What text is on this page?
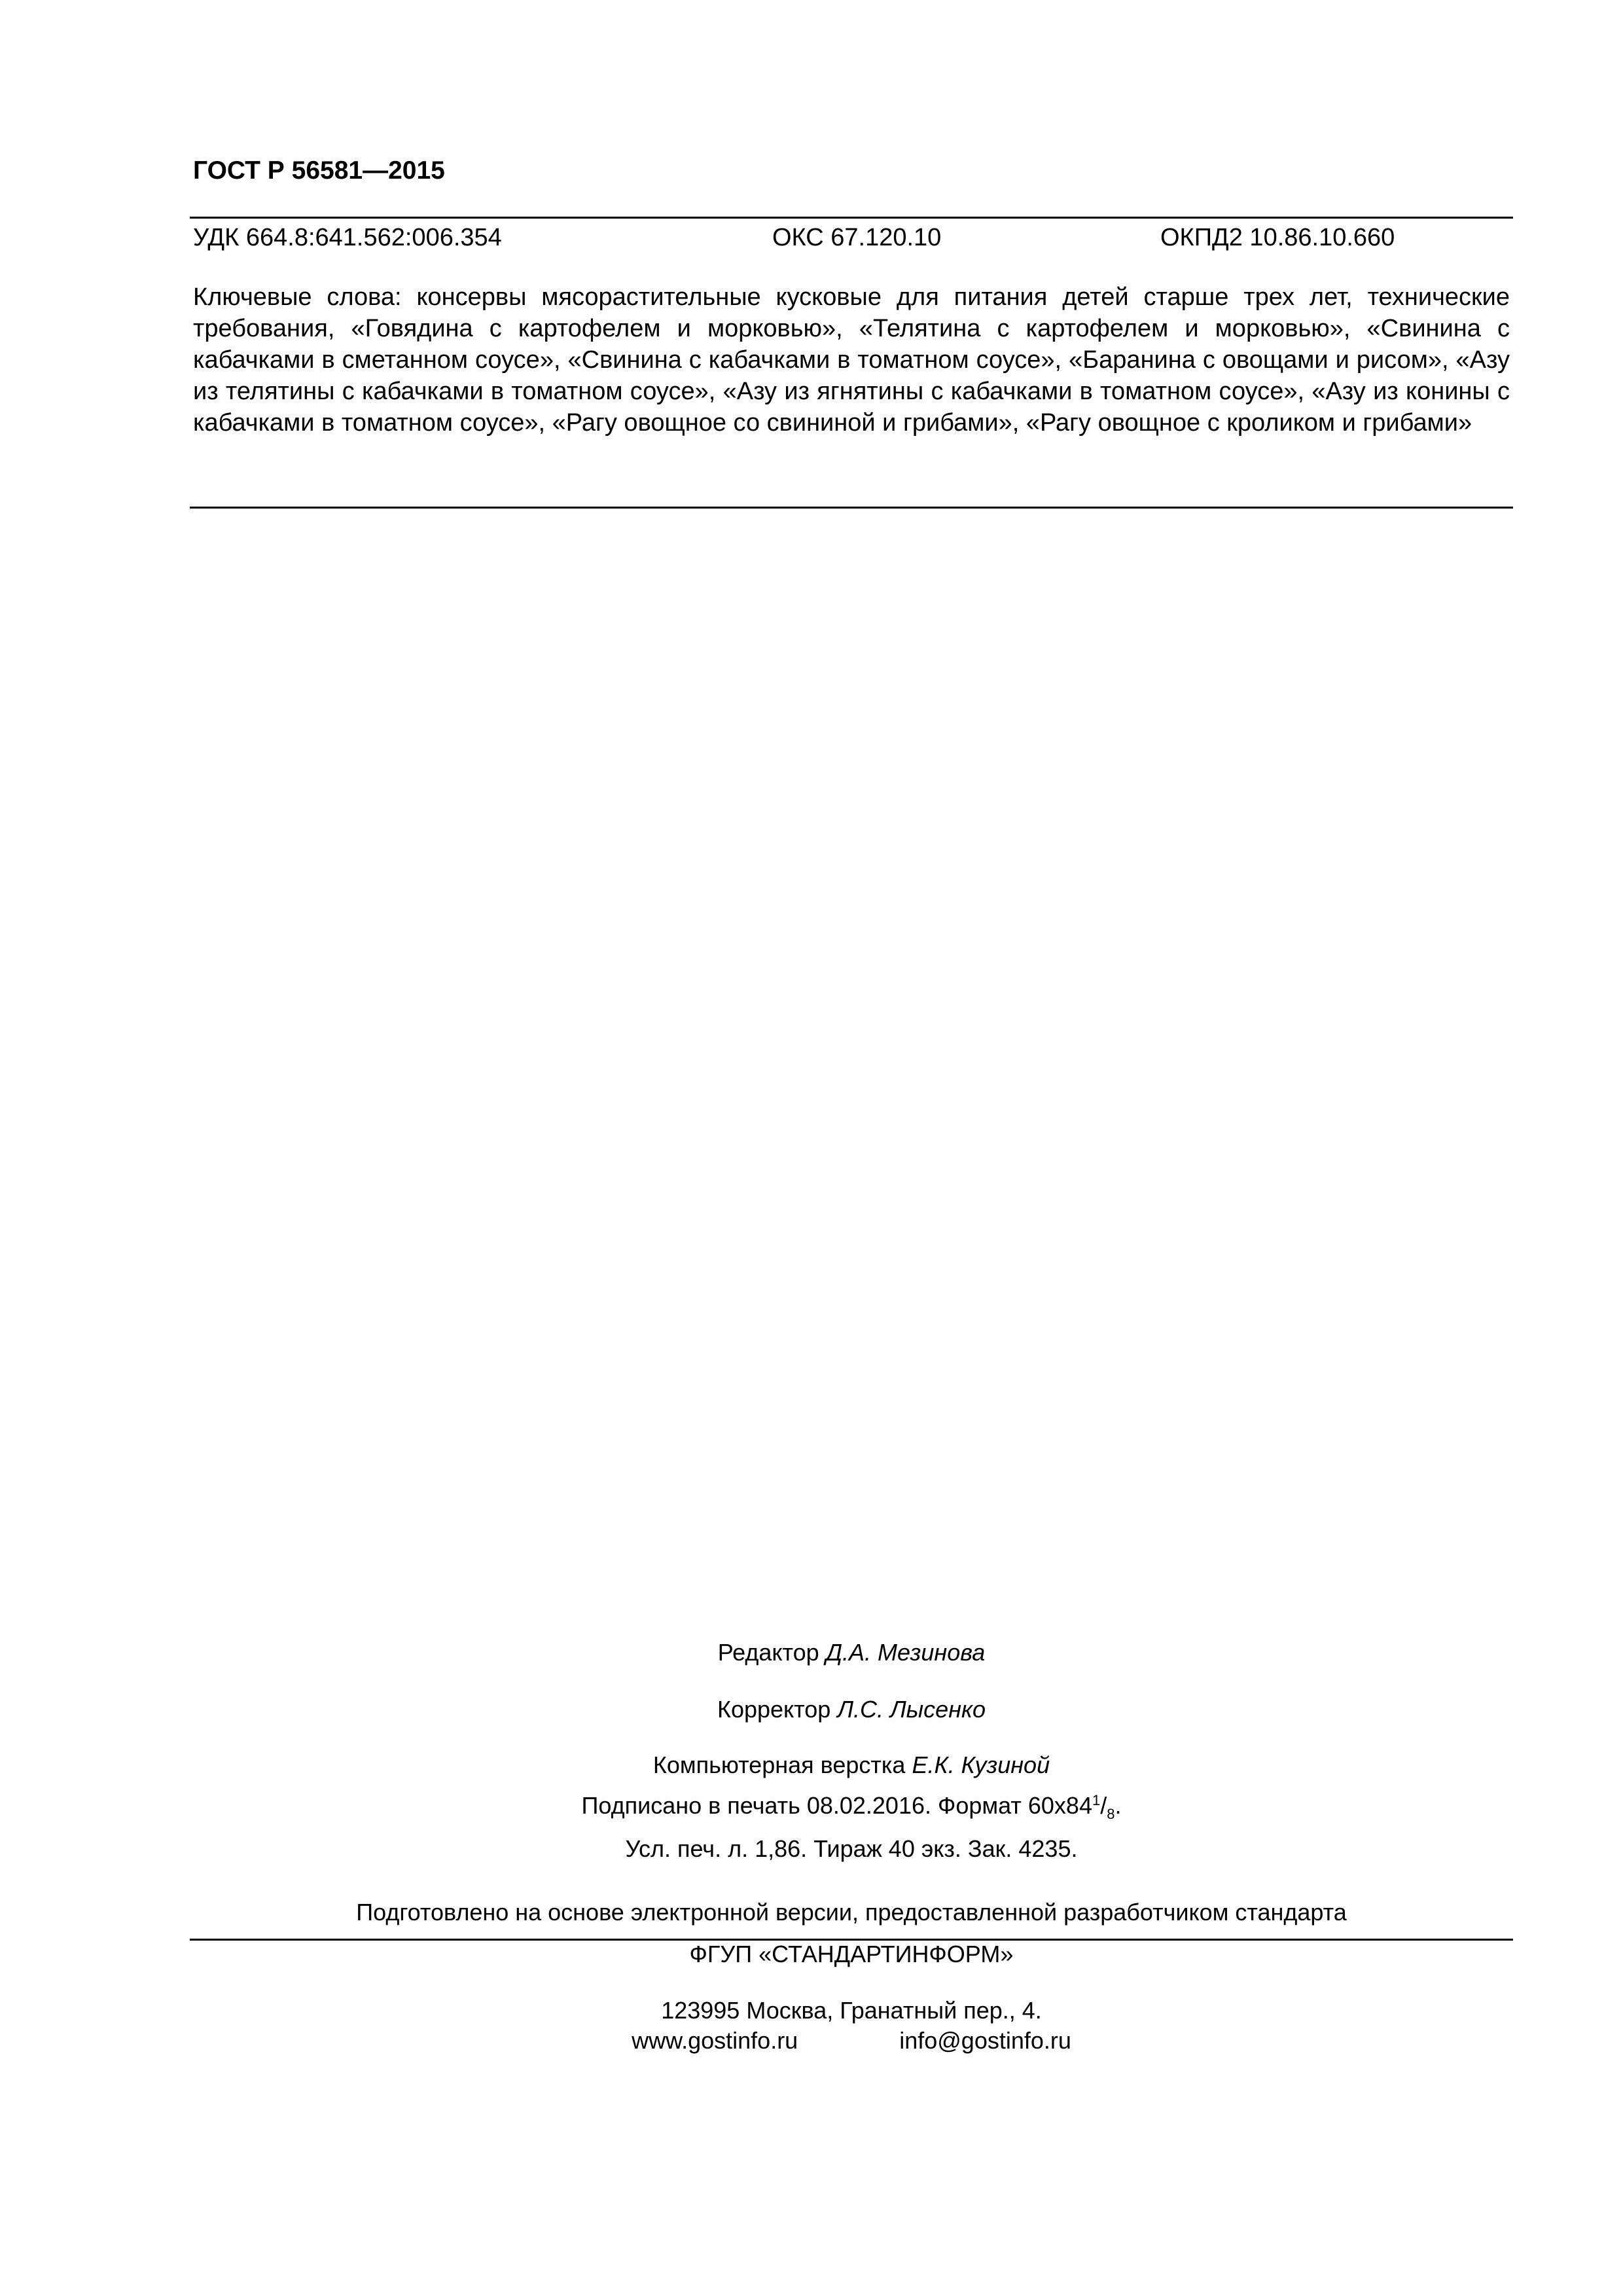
ГОСТ Р 56581—2015
УДК 664.8:641.562:006.354	ОКС 67.120.10	ОКПД2 10.86.10.660
Ключевые слова: консервы мясорастительные кусковые для питания детей старше трех лет, технические требования, «Говядина с картофелем и морковью», «Телятина с картофелем и морковью», «Свинина с кабачками в сметанном соусе», «Свинина с кабачками в томатном соусе», «Баранина с овощами и рисом», «Азу из телятины с кабачками в томатном соусе», «Азу из ягнятины с кабачками в томатном соусе», «Азу из конины с кабачками в томатном соусе», «Рагу овощное со свининой и грибами», «Рагу овощное с кроликом и грибами»
Редактор Д.А. Мезинова
Корректор Л.С. Лысенко
Компьютерная верстка Е.К. Кузиной
Подписано в печать 08.02.2016. Формат $60х84^1/_8$.
Усл. печ. л. 1,86. Тираж 40 экз. Зак. 4235.
Подготовлено на основе электронной версии, предоставленной разработчиком стандарта
ФГУП «СТАНДАРТИНФОРМ»
123995 Москва, Гранатный пер., 4.
www.gostinfo.ru	info@gostinfo.ru
